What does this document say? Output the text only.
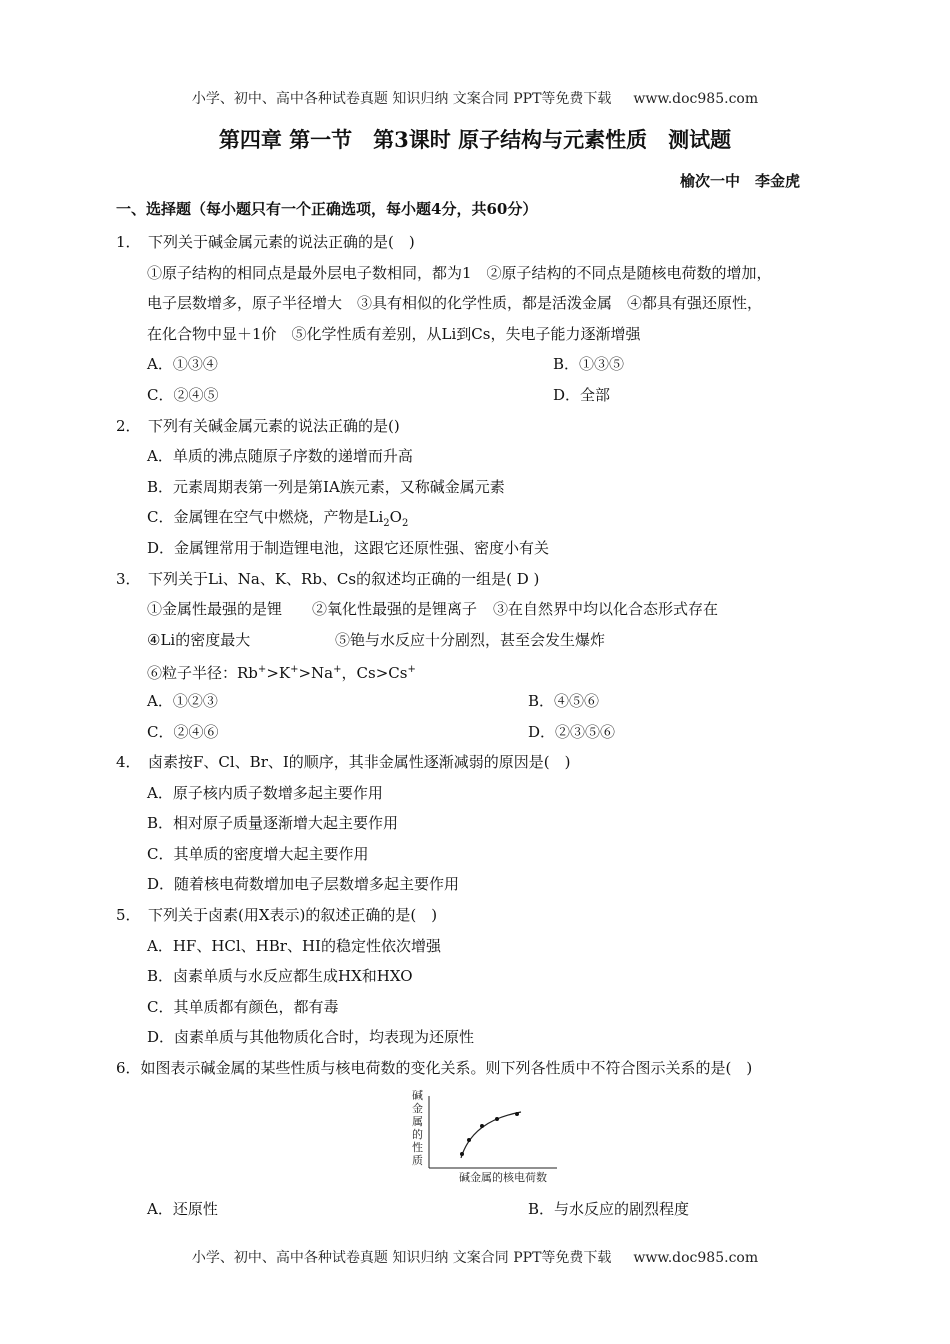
小学、初中、高中各种试卷真题 知识归纳 文案合同 PPT等免费下载 www.doc985.com
第四章 第一节　第3课时 原子结构与元素性质　测试题
榆次一中　李金虎
一、选择题（每小题只有一个正确选项，每小题4分，共60分）
1． 下列关于碱金属元素的说法正确的是(　)
①原子结构的相同点是最外层电子数相同，都为1　②原子结构的不同点是随核电荷数的增加，
电子层数增多，原子半径增大　③具有相似的化学性质，都是活泼金属　④都具有强还原性，
在化合物中显＋1价　⑤化学性质有差别，从Li到Cs，失电子能力逐渐增强
A．①③④	B．①③⑤
C．②④⑤	D．全部
2． 下列有关碱金属元素的说法正确的是()
A．单质的沸点随原子序数的递增而升高
B．元素周期表第一列是第ⅠA族元素，又称碱金属元素
C．金属锂在空气中燃烧，产物是$Li_2O_2$
D．金属锂常用于制造锂电池，这跟它还原性强、密度小有关
3． 下列关于Li、Na、K、Rb、Cs的叙述均正确的一组是( D )
①金属性最强的是锂 ②氧化性最强的是锂离子 ③在自然界中均以化合态形式存在
④Li的密度最大	⑤铯与水反应十分剧烈，甚至会发生爆炸
⑥粒子半径：Rb+>K+>Na+，Cs>Cs+
A．①②③	B．④⑤⑥
C．②④⑥	D．②③⑤⑥
4． 卤素按F、Cl、Br、I的顺序，其非金属性逐渐减弱的原因是(　)
A．原子核内质子数增多起主要作用
B．相对原子质量逐渐增大起主要作用
C．其单质的密度增大起主要作用
D．随着核电荷数增加电子层数增多起主要作用
5． 下列关于卤素(用X表示)的叙述正确的是(　)
A．HF、HCl、HBr、HI的稳定性依次增强
B．卤素单质与水反应都生成HX和HXO
C．其单质都有颜色，都有毒
D．卤素单质与其他物质化合时，均表现为还原性
6． 如图表示碱金属的某些性质与核电荷数的变化关系。则下列各性质中不符合图示关系的是(　)
碱
金
属
的
性
质
碱金属的核电荷数
A．还原性	B．与水反应的剧烈程度
小学、初中、高中各种试卷真题 知识归纳 文案合同 PPT等免费下载 www.doc985.com
